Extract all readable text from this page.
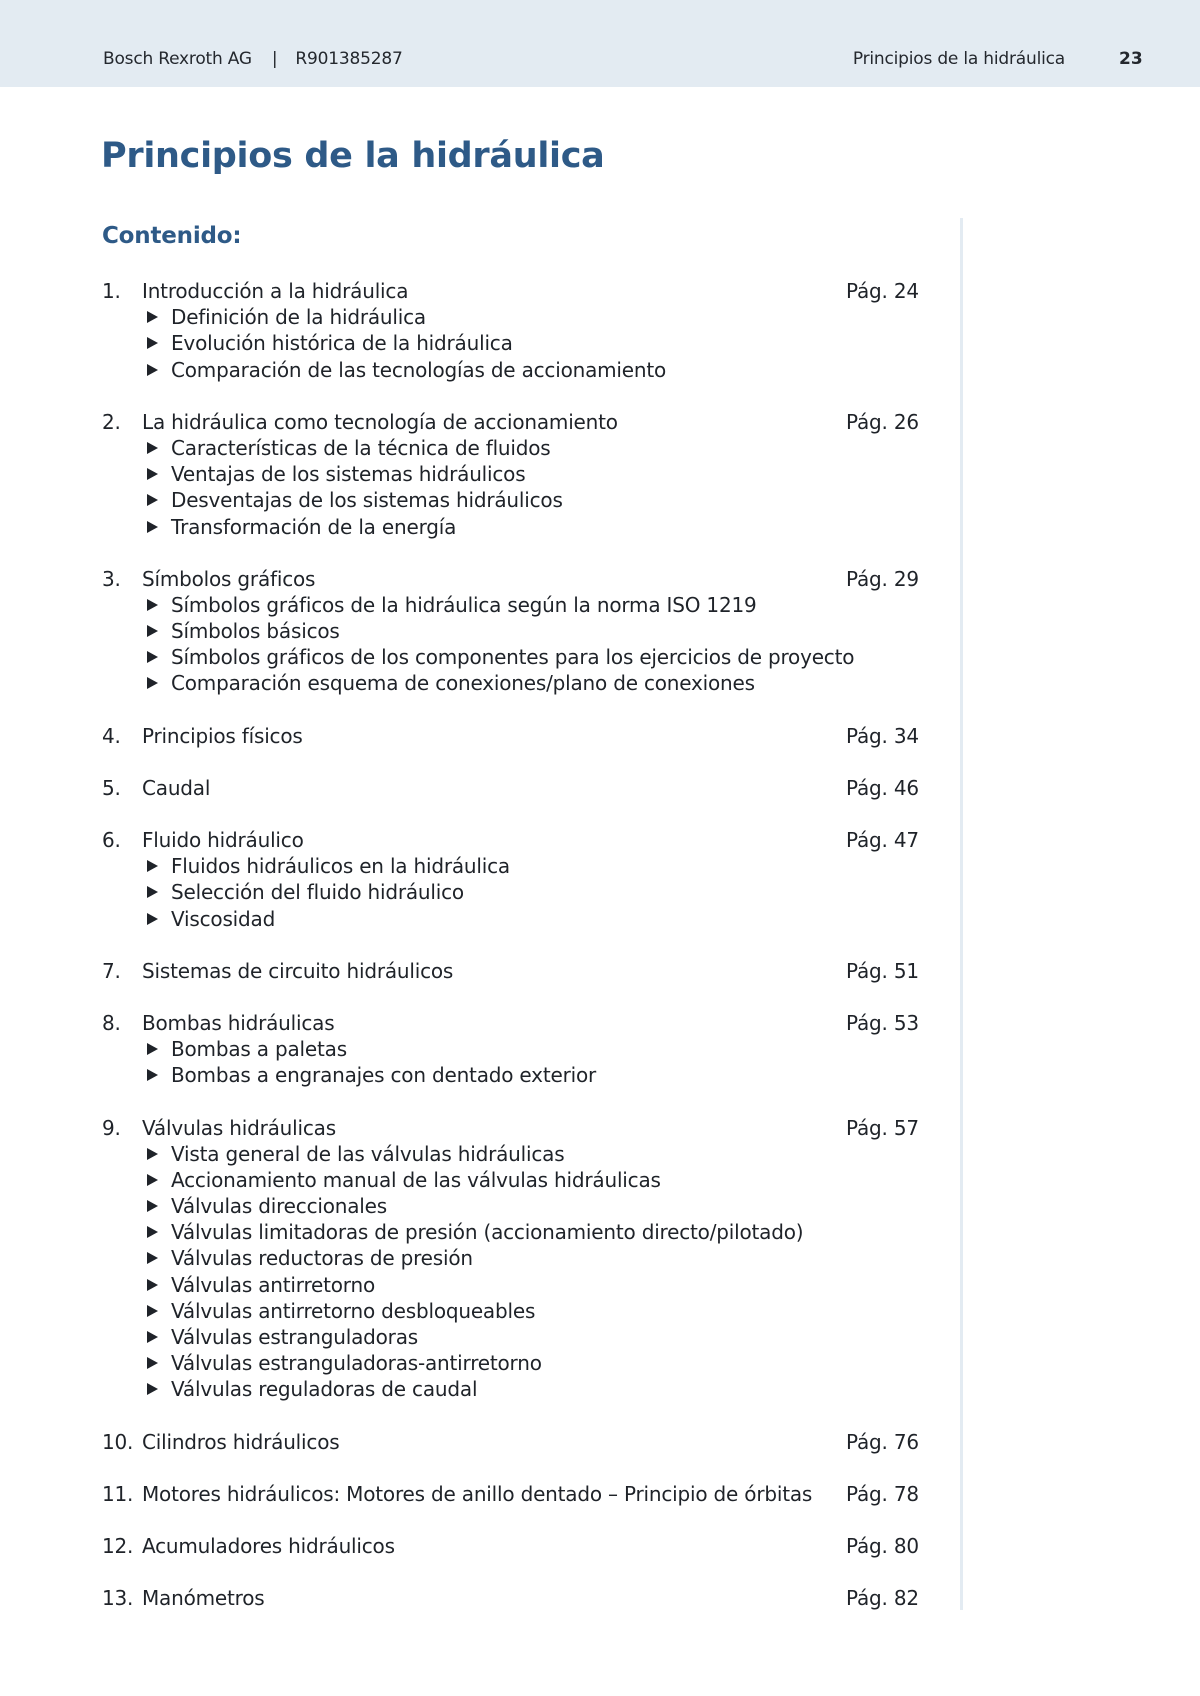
Bosch Rexroth AG | R901385287	Principios de la hidráulica	23
Principios de la hidráulica
Contenido:
1. Introducción a la hidráulica	Pág. 24
Definición de la hidráulica
Evolución histórica de la hidráulica
Comparación de las tecnologías de accionamiento
2. La hidráulica como tecnología de accionamiento	Pág. 26
Características de la técnica de fluidos
Ventajas de los sistemas hidráulicos
Desventajas de los sistemas hidráulicos
Transformación de la energía
3. Símbolos gráficos	Pág. 29
Símbolos gráficos de la hidráulica según la norma ISO 1219
Símbolos básicos
Símbolos gráficos de los componentes para los ejercicios de proyecto
Comparación esquema de conexiones/plano de conexiones
4. Principios físicos	Pág. 34
5. Caudal	Pág. 46
6. Fluido hidráulico	Pág. 47
Fluidos hidráulicos en la hidráulica
Selección del fluido hidráulico
Viscosidad
7. Sistemas de circuito hidráulicos	Pág. 51
8. Bombas hidráulicas	Pág. 53
Bombas a paletas
Bombas a engranajes con dentado exterior
9. Válvulas hidráulicas	Pág. 57
Vista general de las válvulas hidráulicas
Accionamiento manual de las válvulas hidráulicas
Válvulas direccionales
Válvulas limitadoras de presión (accionamiento directo/pilotado)
Válvulas reductoras de presión
Válvulas antirretorno
Válvulas antirretorno desbloqueables
Válvulas estranguladoras
Válvulas estranguladoras-antirretorno
Válvulas reguladoras de caudal
10. Cilindros hidráulicos	Pág. 76
11. Motores hidráulicos: Motores de anillo dentado – Principio de órbitas Pág. 78
12. Acumuladores hidráulicos	Pág. 80
13. Manómetros	Pág. 82
